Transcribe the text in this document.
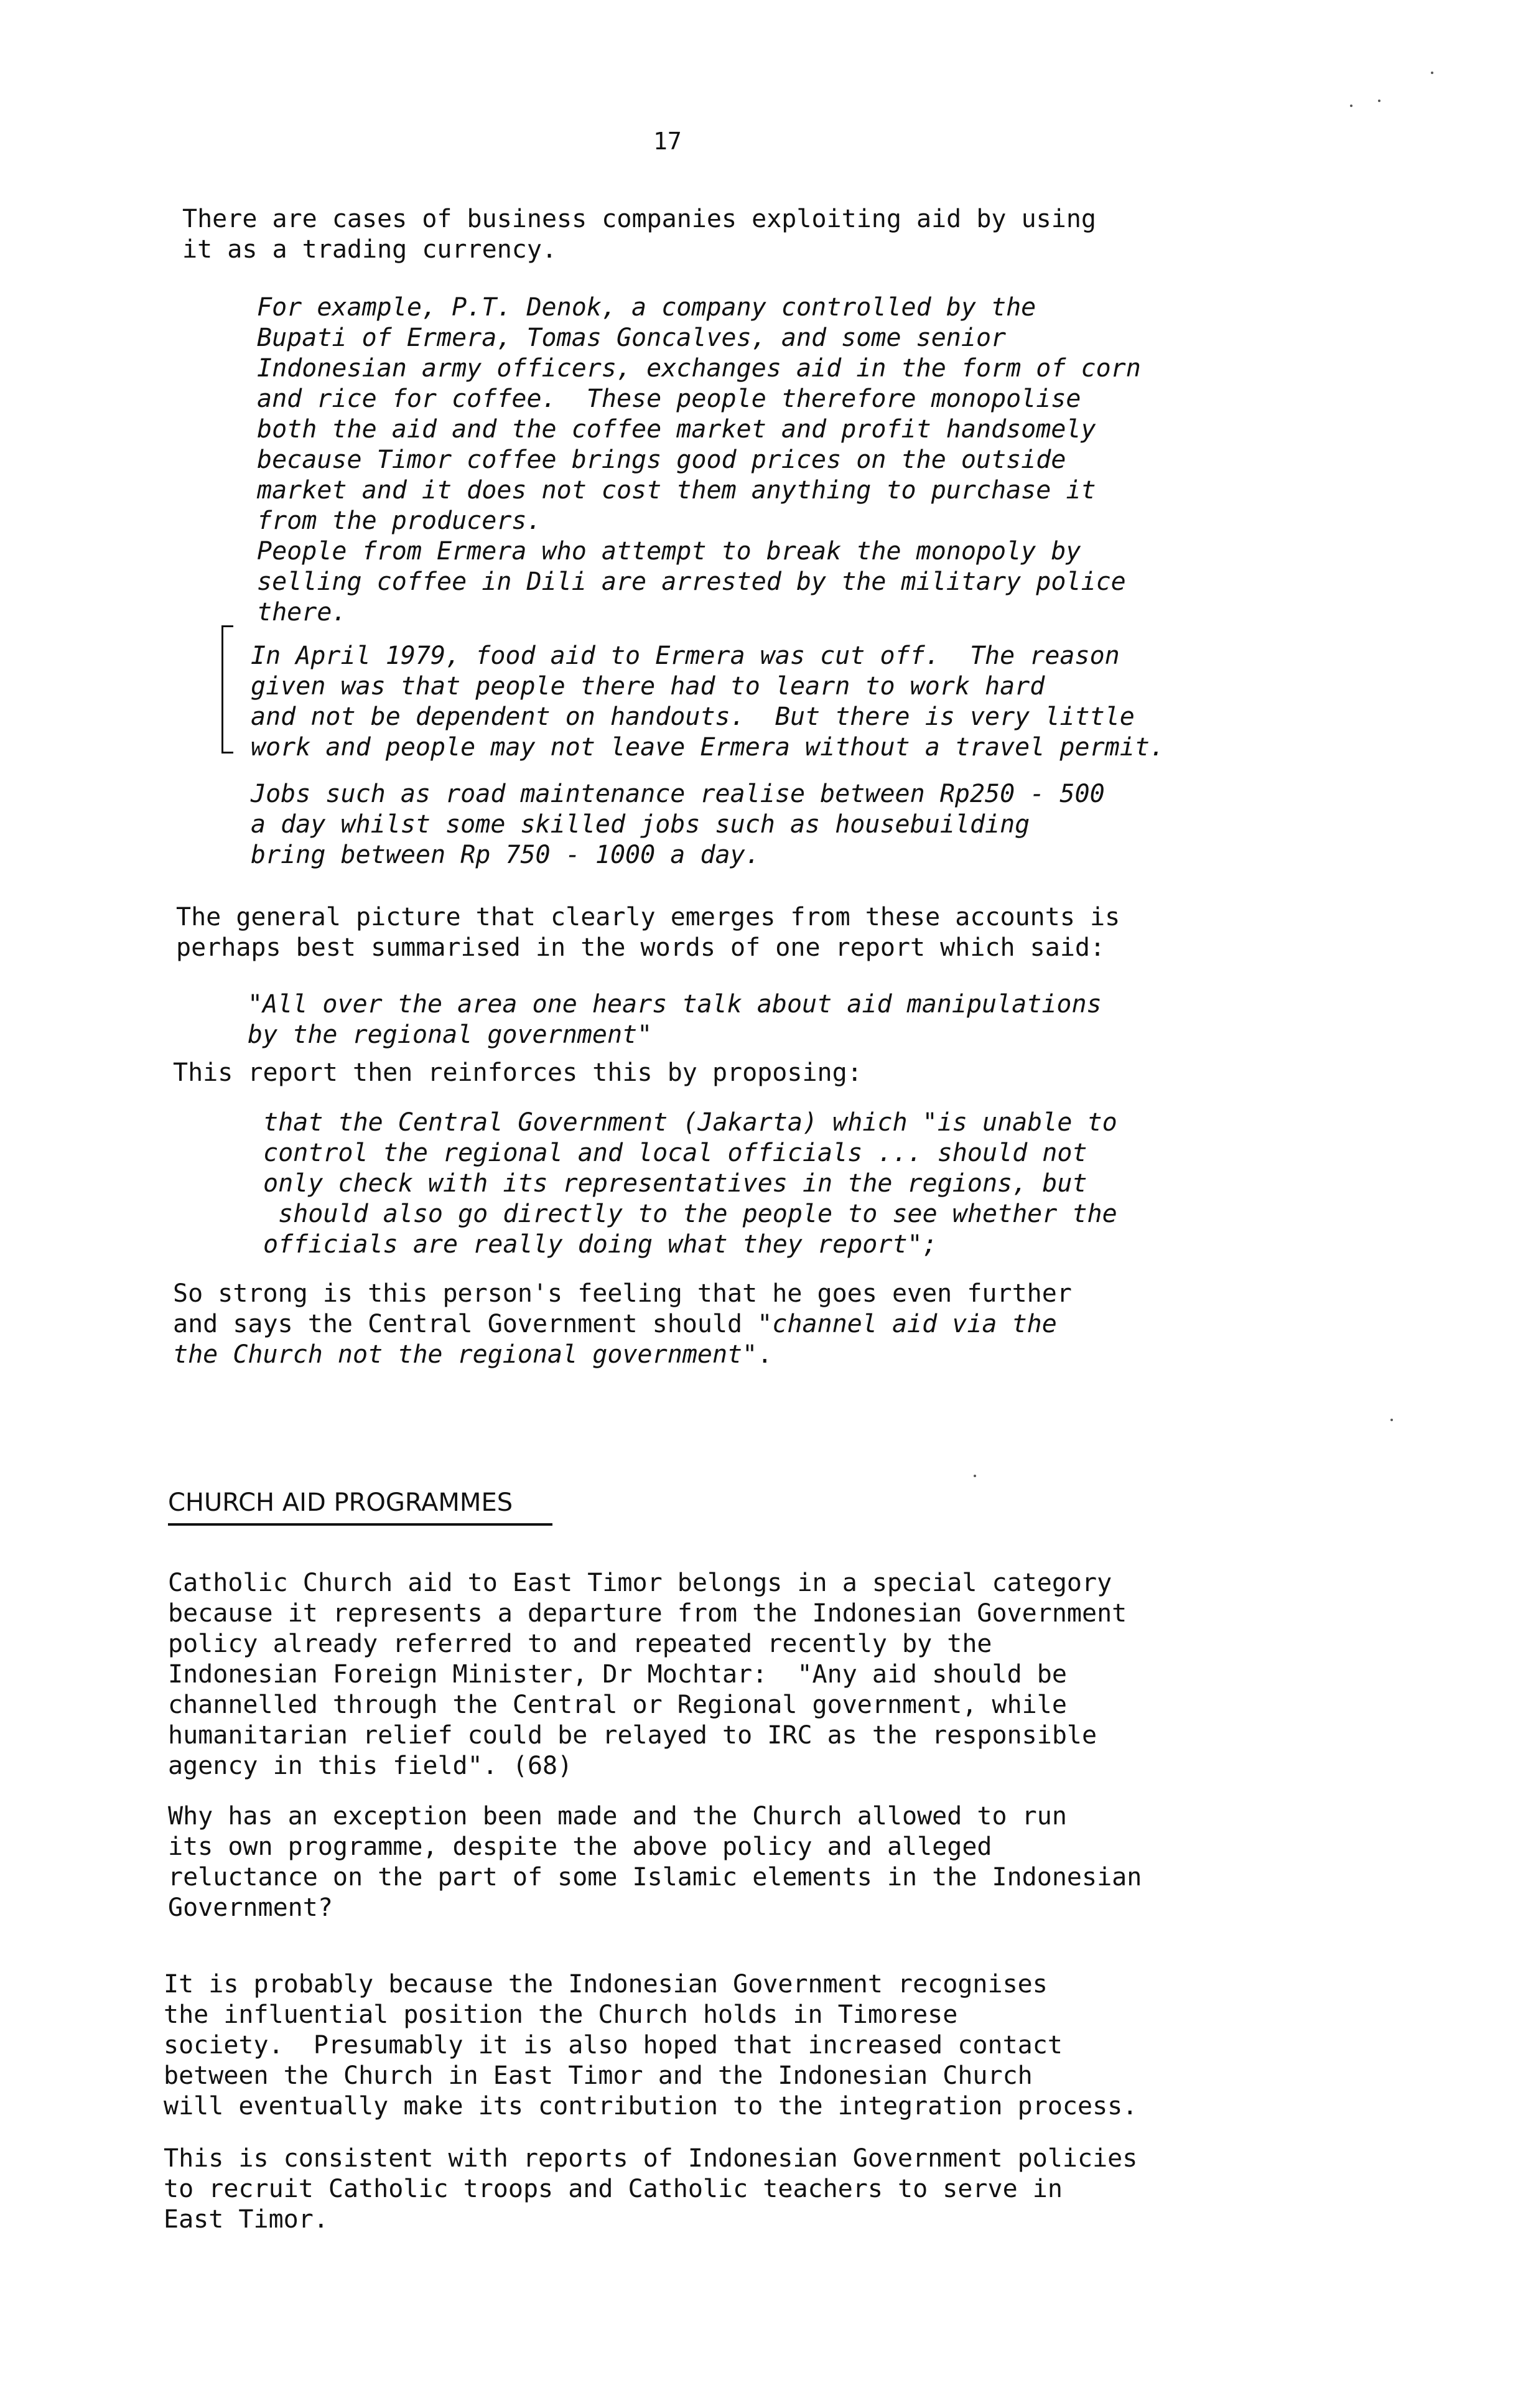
17

There are cases of business companies exploiting aid by using
it as a trading currency.

For example, P.T. Denok, a company controlled by the
Bupati of Ermera, Tomas Goncalves, and some senior
Indonesian army officers, exchanges aid in the form of corn
and rice for coffee.  These people therefore monopolise
both the aid and the coffee market and profit handsomely
because Timor coffee brings good prices on the outside
market and it does not cost them anything to purchase it
from the producers.
People from Ermera who attempt to break the monopoly by
selling coffee in Dili are arrested by the military police
there.

In April 1979, food aid to Ermera was cut off.  The reason
given was that people there had to learn to work hard
and not be dependent on handouts.  But there is very little
work and people may not leave Ermera without a travel permit.

Jobs such as road maintenance realise between Rp250 - 500
a day whilst some skilled jobs such as housebuilding
bring between Rp 750 - 1000 a day.

The general picture that clearly emerges from these accounts is
perhaps best summarised in the words of one report which said:

"All over the area one hears talk about aid manipulations
by the regional government"

This report then reinforces this by proposing:

that the Central Government (Jakarta) which "is unable to
control the regional and local officials ... should not
only check with its representatives in the regions, but
should also go directly to the people to see whether the
officials are really doing what they report";

So strong is this person's feeling that he goes even further
and says the Central Government should "channel aid via the
the Church not the regional government".

CHURCH AID PROGRAMMES

Catholic Church aid to East Timor belongs in a special category
because it represents a departure from the Indonesian Government
policy already referred to and repeated recently by the
Indonesian Foreign Minister, Dr Mochtar:  "Any aid should be
channelled through the Central or Regional government, while
humanitarian relief could be relayed to IRC as the responsible
agency in this field". (68)

Why has an exception been made and the Church allowed to run
its own programme, despite the above policy and alleged
reluctance on the part of some Islamic elements in the Indonesian
Government?

It is probably because the Indonesian Government recognises
the influential position the Church holds in Timorese
society.  Presumably it is also hoped that increased contact
between the Church in East Timor and the Indonesian Church
will eventually make its contribution to the integration process.

This is consistent with reports of Indonesian Government policies
to recruit Catholic troops and Catholic teachers to serve in
East Timor.
